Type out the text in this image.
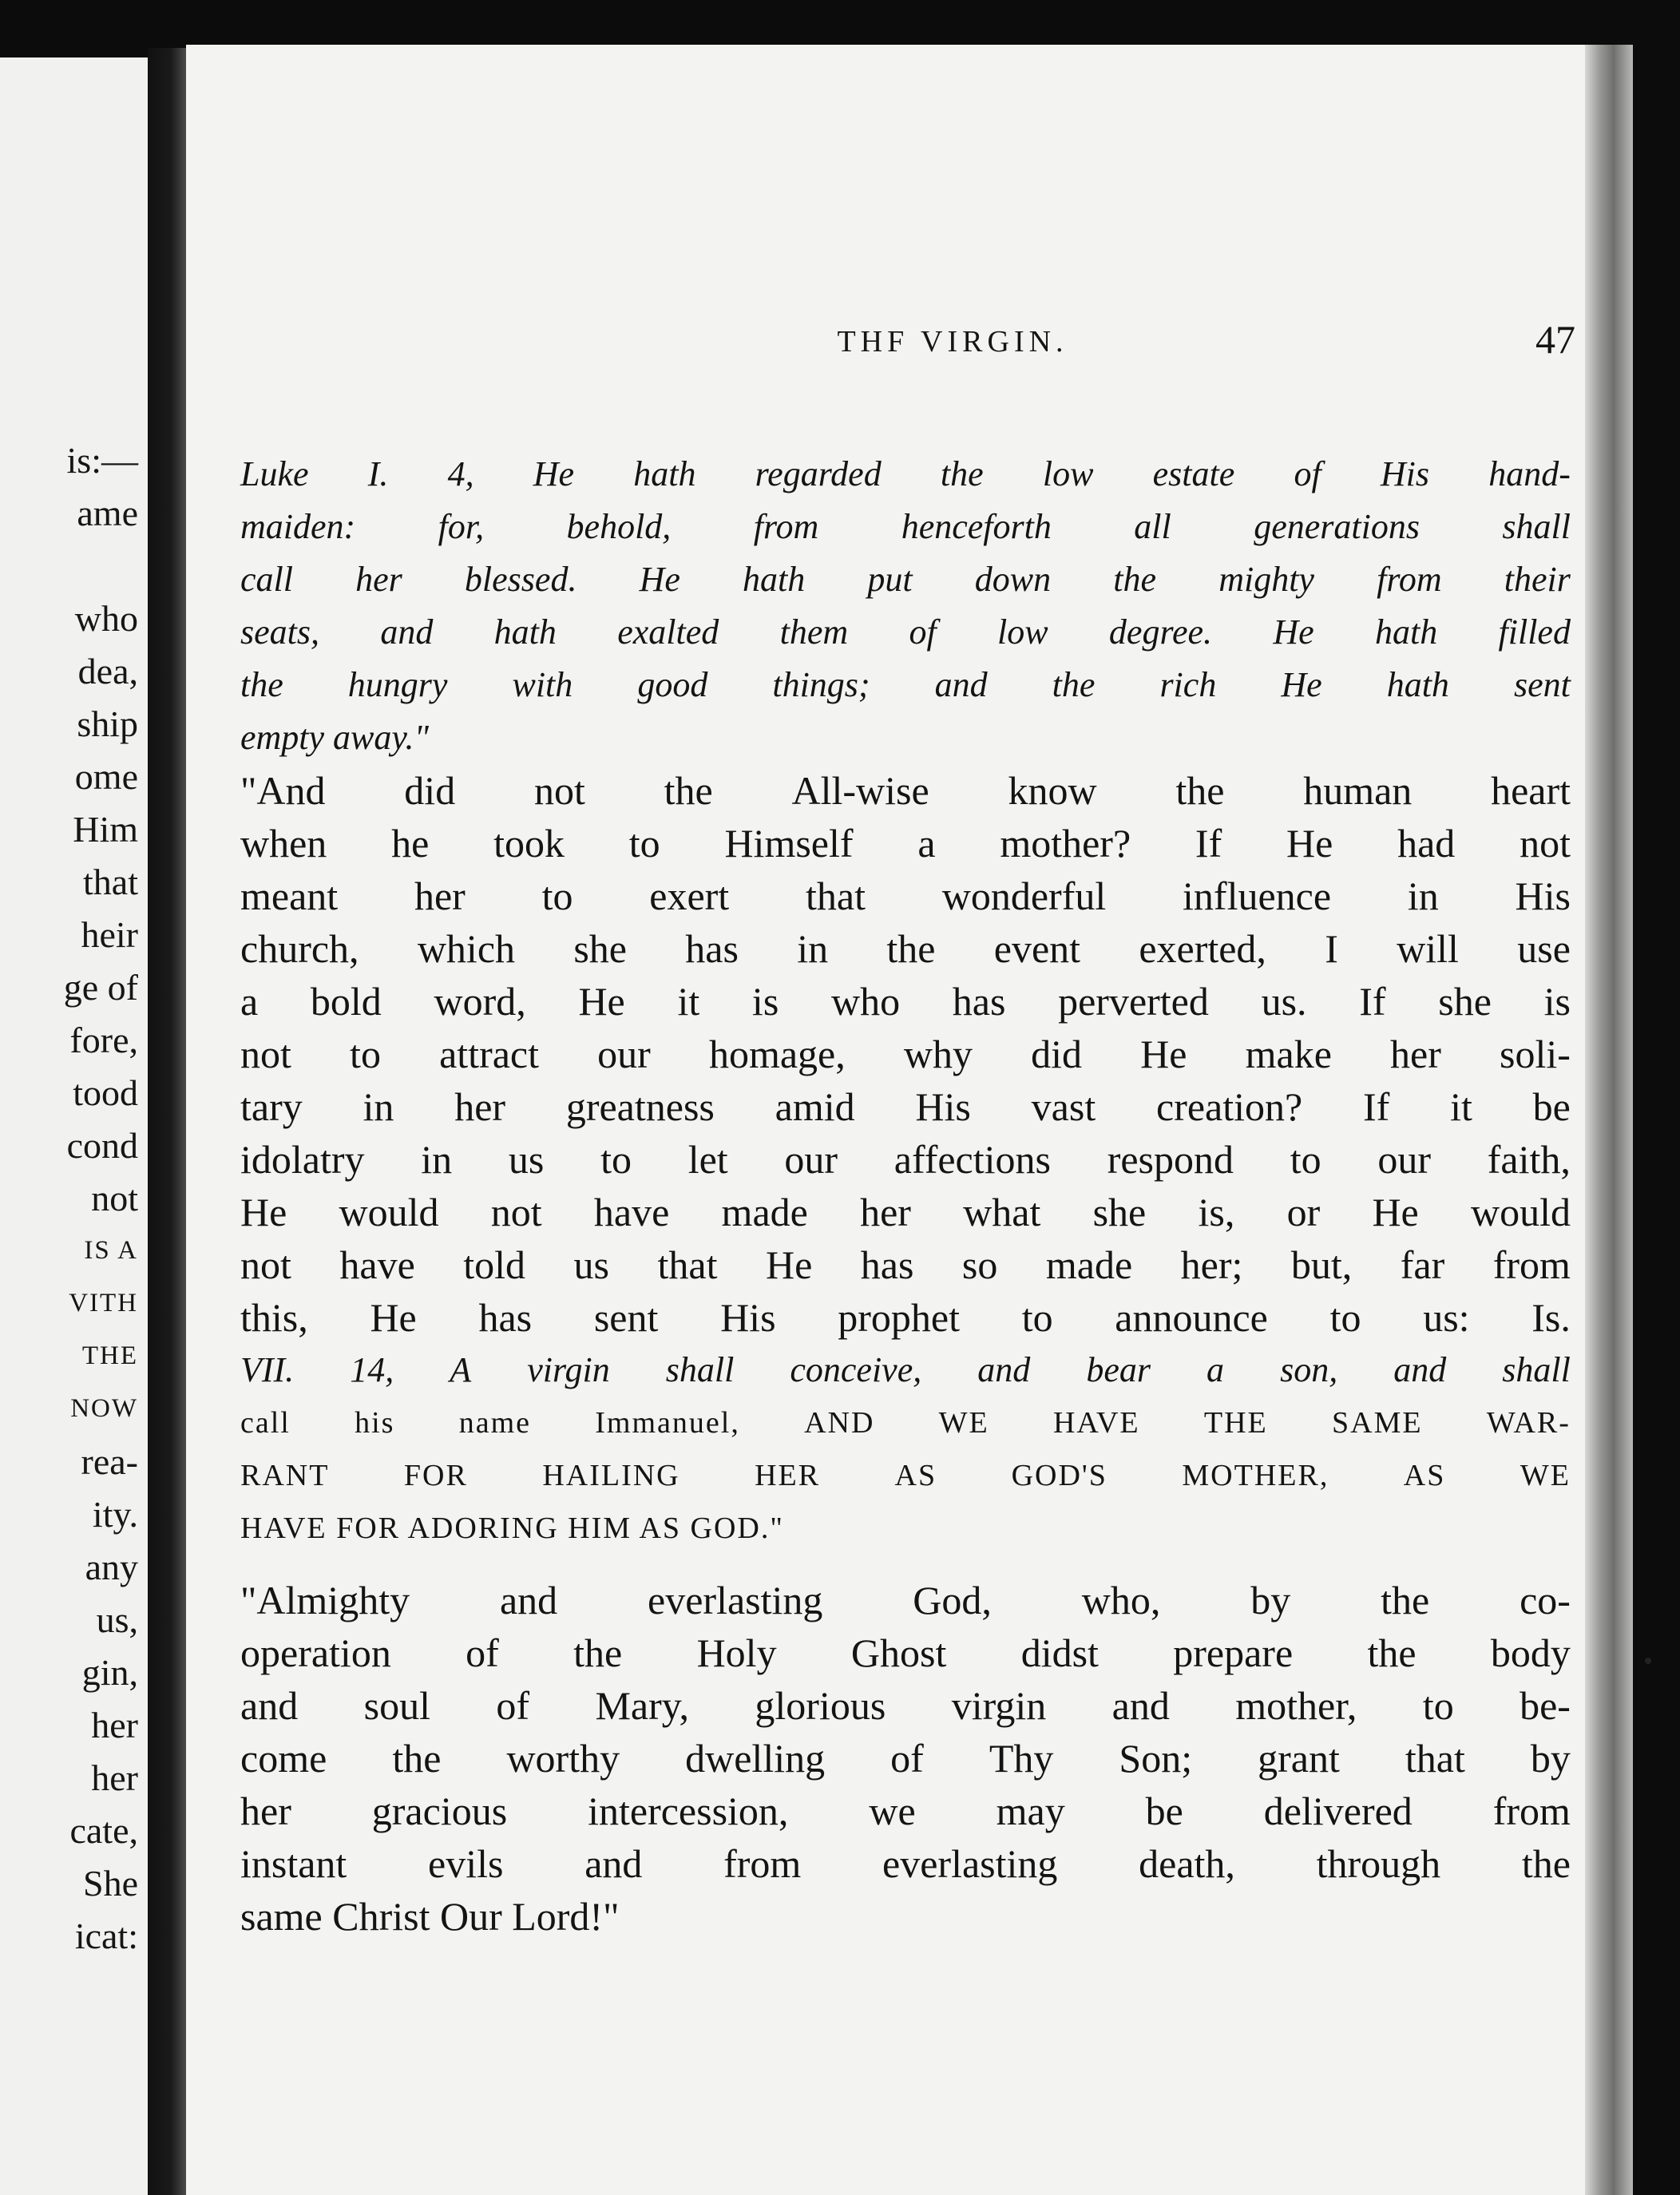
is:—
ame
who
dea,
ship
ome
Him
that
heir
ge of
fore,
tood
cond
not
IS A
VITH
THE
NOW
rea-
ity.
any
us,
gin,
her
her
cate,
She
icat:
THF VIRGIN.	47
Luke I. 4, He hath regarded the low estate of His hand-
maiden: for, behold, from henceforth all generations shall
call her blessed. He hath put down the mighty from their
seats, and hath exalted them of low degree. He hath filled
the hungry with good things; and the rich He hath sent
empty away."
"And did not the All-wise know the human heart
when he took to Himself a mother? If He had not
meant her to exert that wonderful influence in His
church, which she has in the event exerted, I will use
a bold word, He it is who has perverted us. If she is
not to attract our homage, why did He make her soli-
tary in her greatness amid His vast creation? If it be
idolatry in us to let our affections respond to our faith,
He would not have made her what she is, or He would
not have told us that He has so made her; but, far from
this, He has sent His prophet to announce to us: Is.
VII. 14, A virgin shall conceive, and bear a son, and shall
call his name Immanuel, AND WE HAVE THE SAME WAR-
RANT FOR HAILING HER AS GOD'S MOTHER, AS WE
HAVE FOR ADORING HIM AS GOD."
"Almighty and everlasting God, who, by the co-
operation of the Holy Ghost didst prepare the body
and soul of Mary, glorious virgin and mother, to be-
come the worthy dwelling of Thy Son; grant that by
her gracious intercession, we may be delivered from
instant evils and from everlasting death, through the
same Christ Our Lord!"
